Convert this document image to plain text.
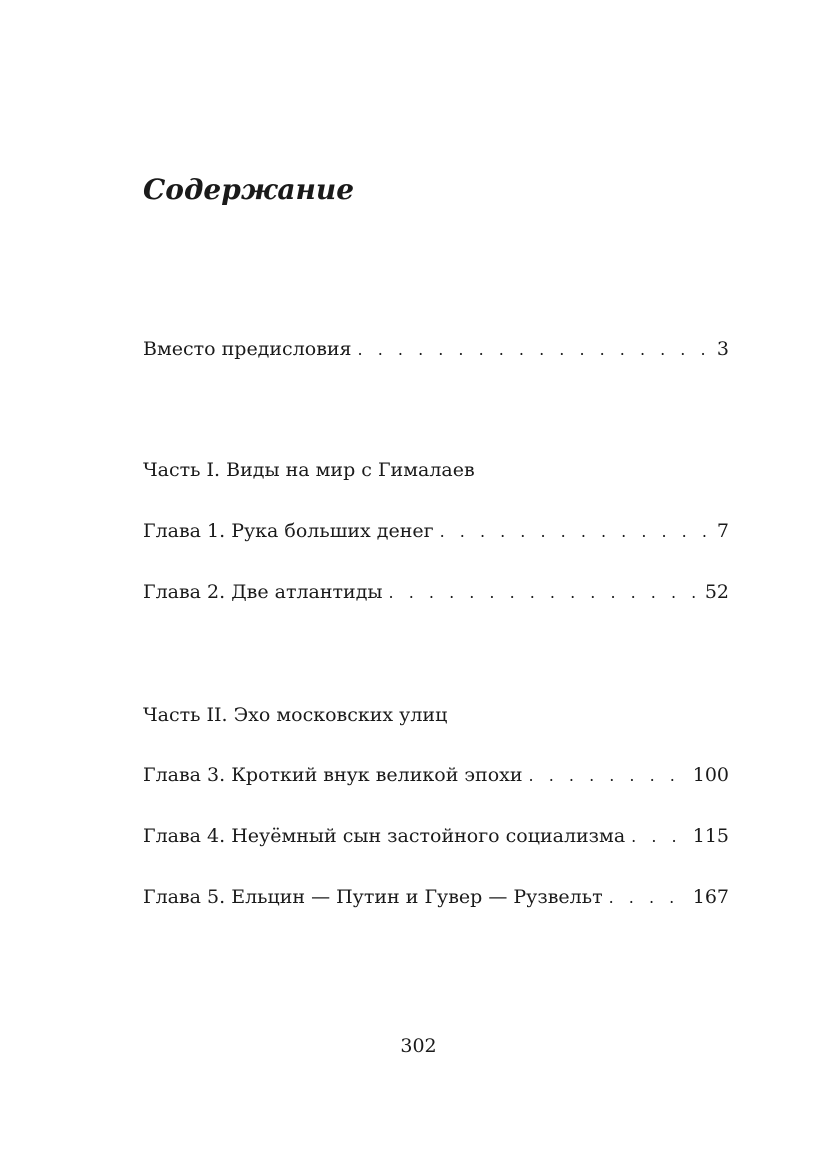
Содержание
Вместо предисловия . . .	3
Часть I. Виды на мир с Гималаев
Глава 1. Рука больших денег . . .	7
Глава 2. Две атлантиды . . .	52
Часть II. Эхо московских улиц
Глава 3. Кроткий внук великой эпохи . . .	100
Глава 4. Неуёмный сын застойного социализма . . .	115
Глава 5. Ельцин — Путин и Гувер — Рузвельт . . .	167
302
